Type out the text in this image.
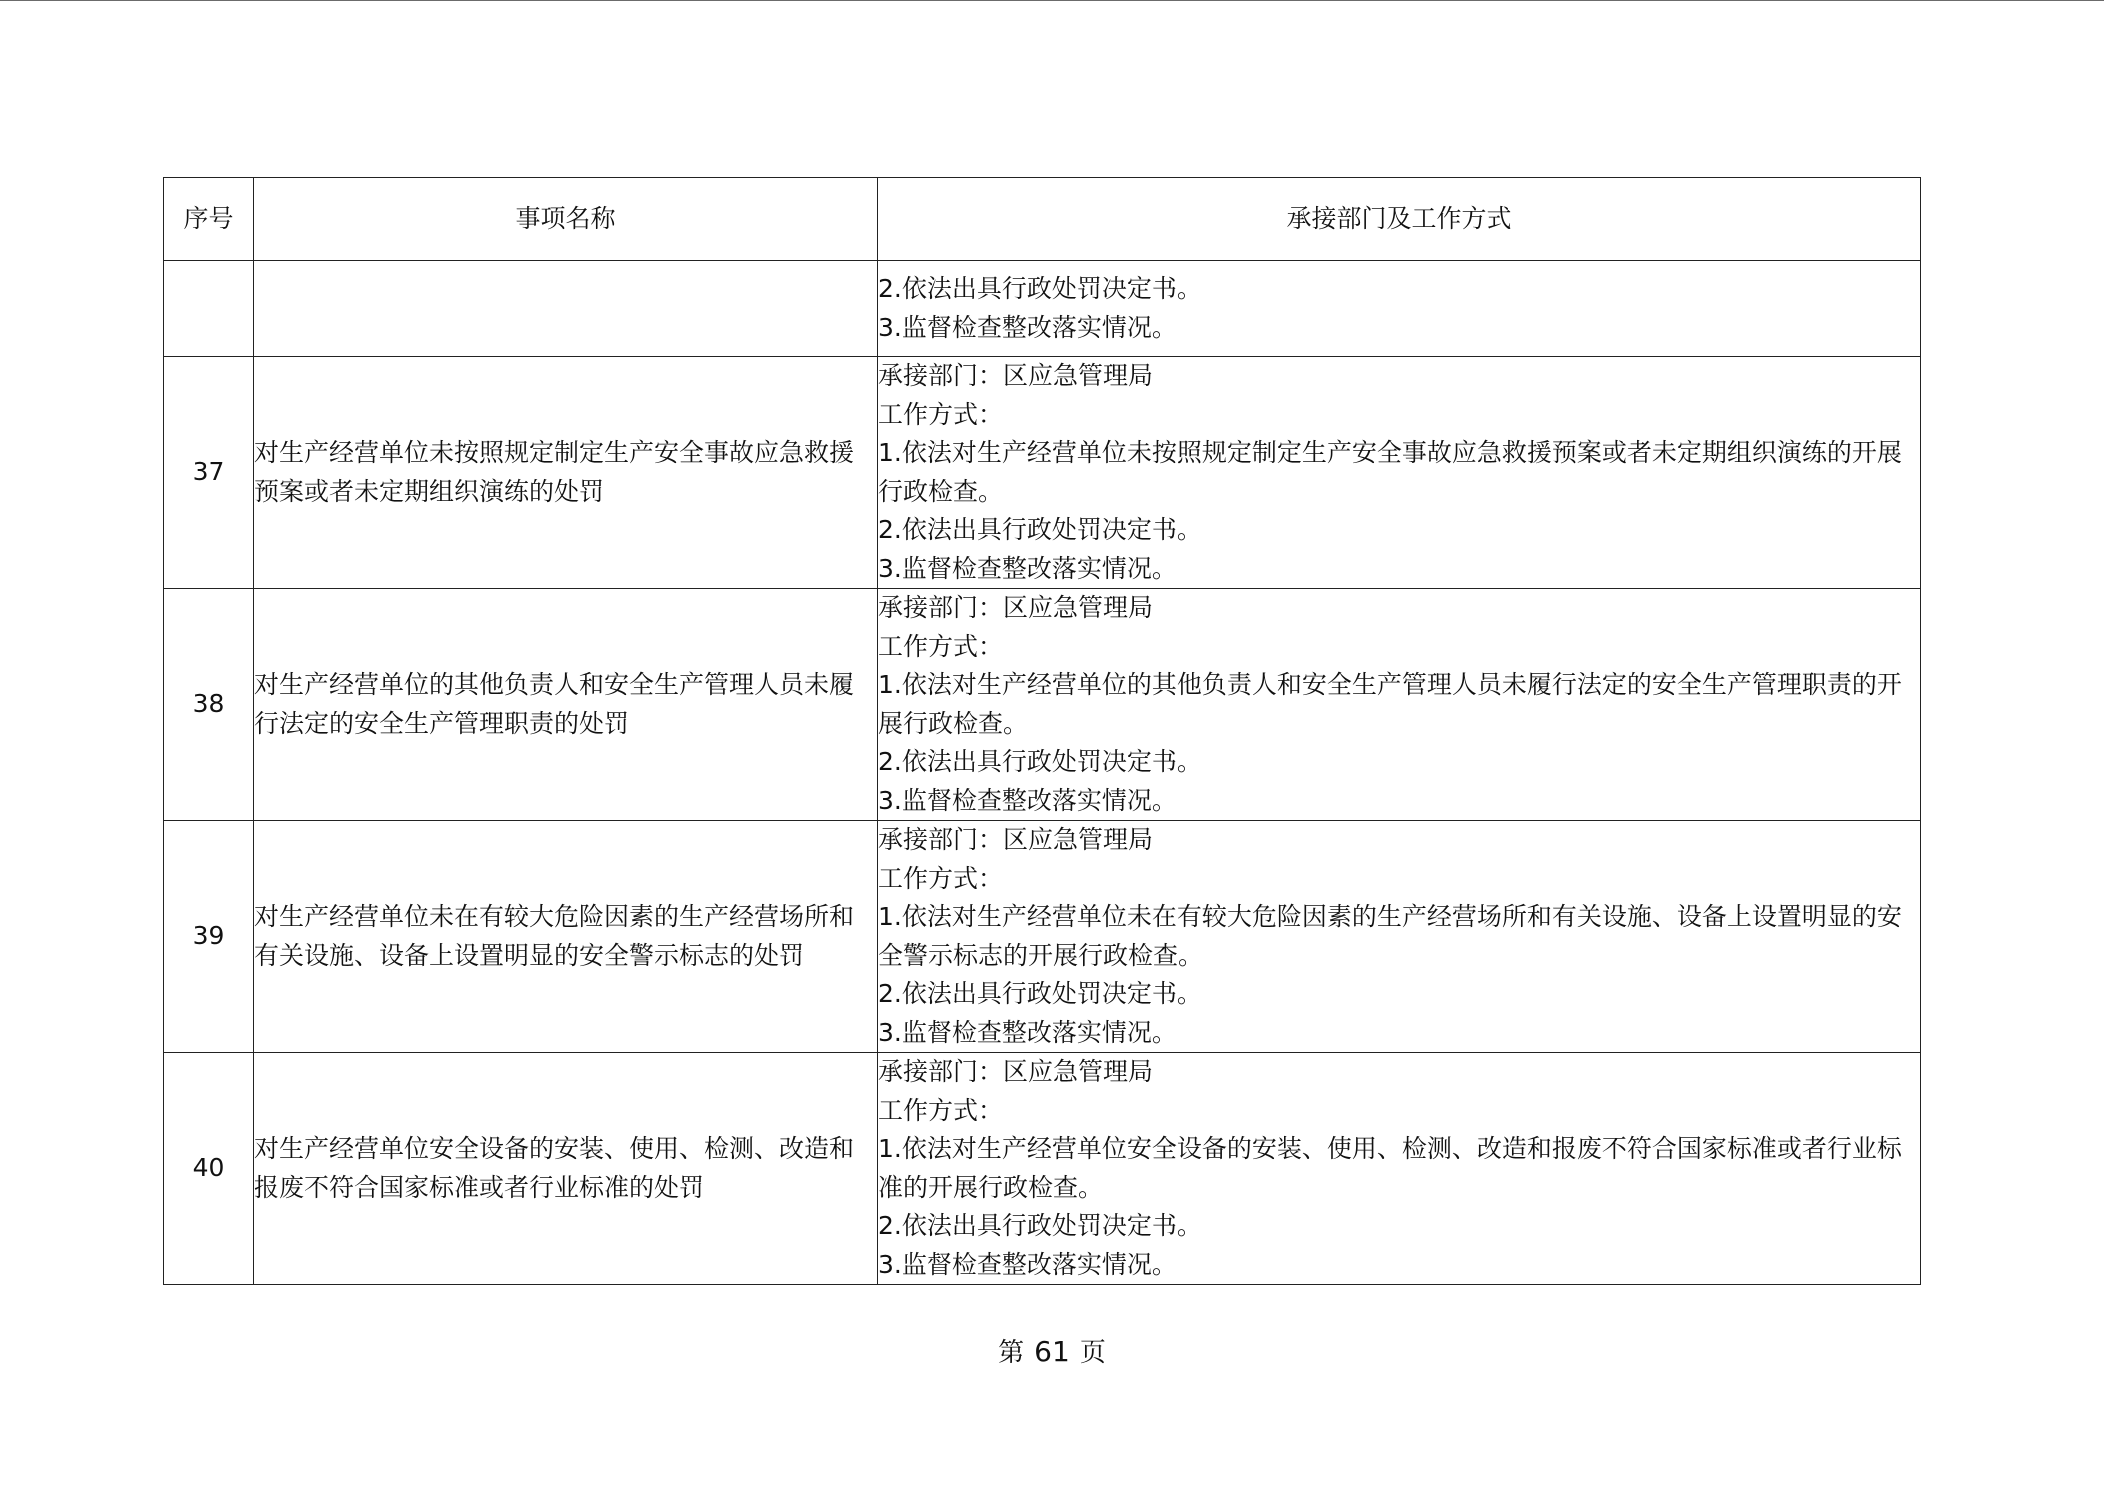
序号	事项名称	承接部门及工作方式

		2.依法出具行政处罚决定书。
3.监督检查整改落实情况。

37	对生产经营单位未按照规定制定生产安全事故应急救援预案或者未定期组织演练的处罚	承接部门：区应急管理局
工作方式：
1.依法对生产经营单位未按照规定制定生产安全事故应急救援预案或者未定期组织演练的开展行政检查。
2.依法出具行政处罚决定书。
3.监督检查整改落实情况。

38	对生产经营单位的其他负责人和安全生产管理人员未履行法定的安全生产管理职责的处罚	承接部门：区应急管理局
工作方式：
1.依法对生产经营单位的其他负责人和安全生产管理人员未履行法定的安全生产管理职责的开展行政检查。
2.依法出具行政处罚决定书。
3.监督检查整改落实情况。

39	对生产经营单位未在有较大危险因素的生产经营场所和有关设施、设备上设置明显的安全警示标志的处罚	承接部门：区应急管理局
工作方式：
1.依法对生产经营单位未在有较大危险因素的生产经营场所和有关设施、设备上设置明显的安全警示标志的开展行政检查。
2.依法出具行政处罚决定书。
3.监督检查整改落实情况。

40	对生产经营单位安全设备的安装、使用、检测、改造和报废不符合国家标准或者行业标准的处罚	承接部门：区应急管理局
工作方式：
1.依法对生产经营单位安全设备的安装、使用、检测、改造和报废不符合国家标准或者行业标准的开展行政检查。
2.依法出具行政处罚决定书。
3.监督检查整改落实情况。
第 61 页
